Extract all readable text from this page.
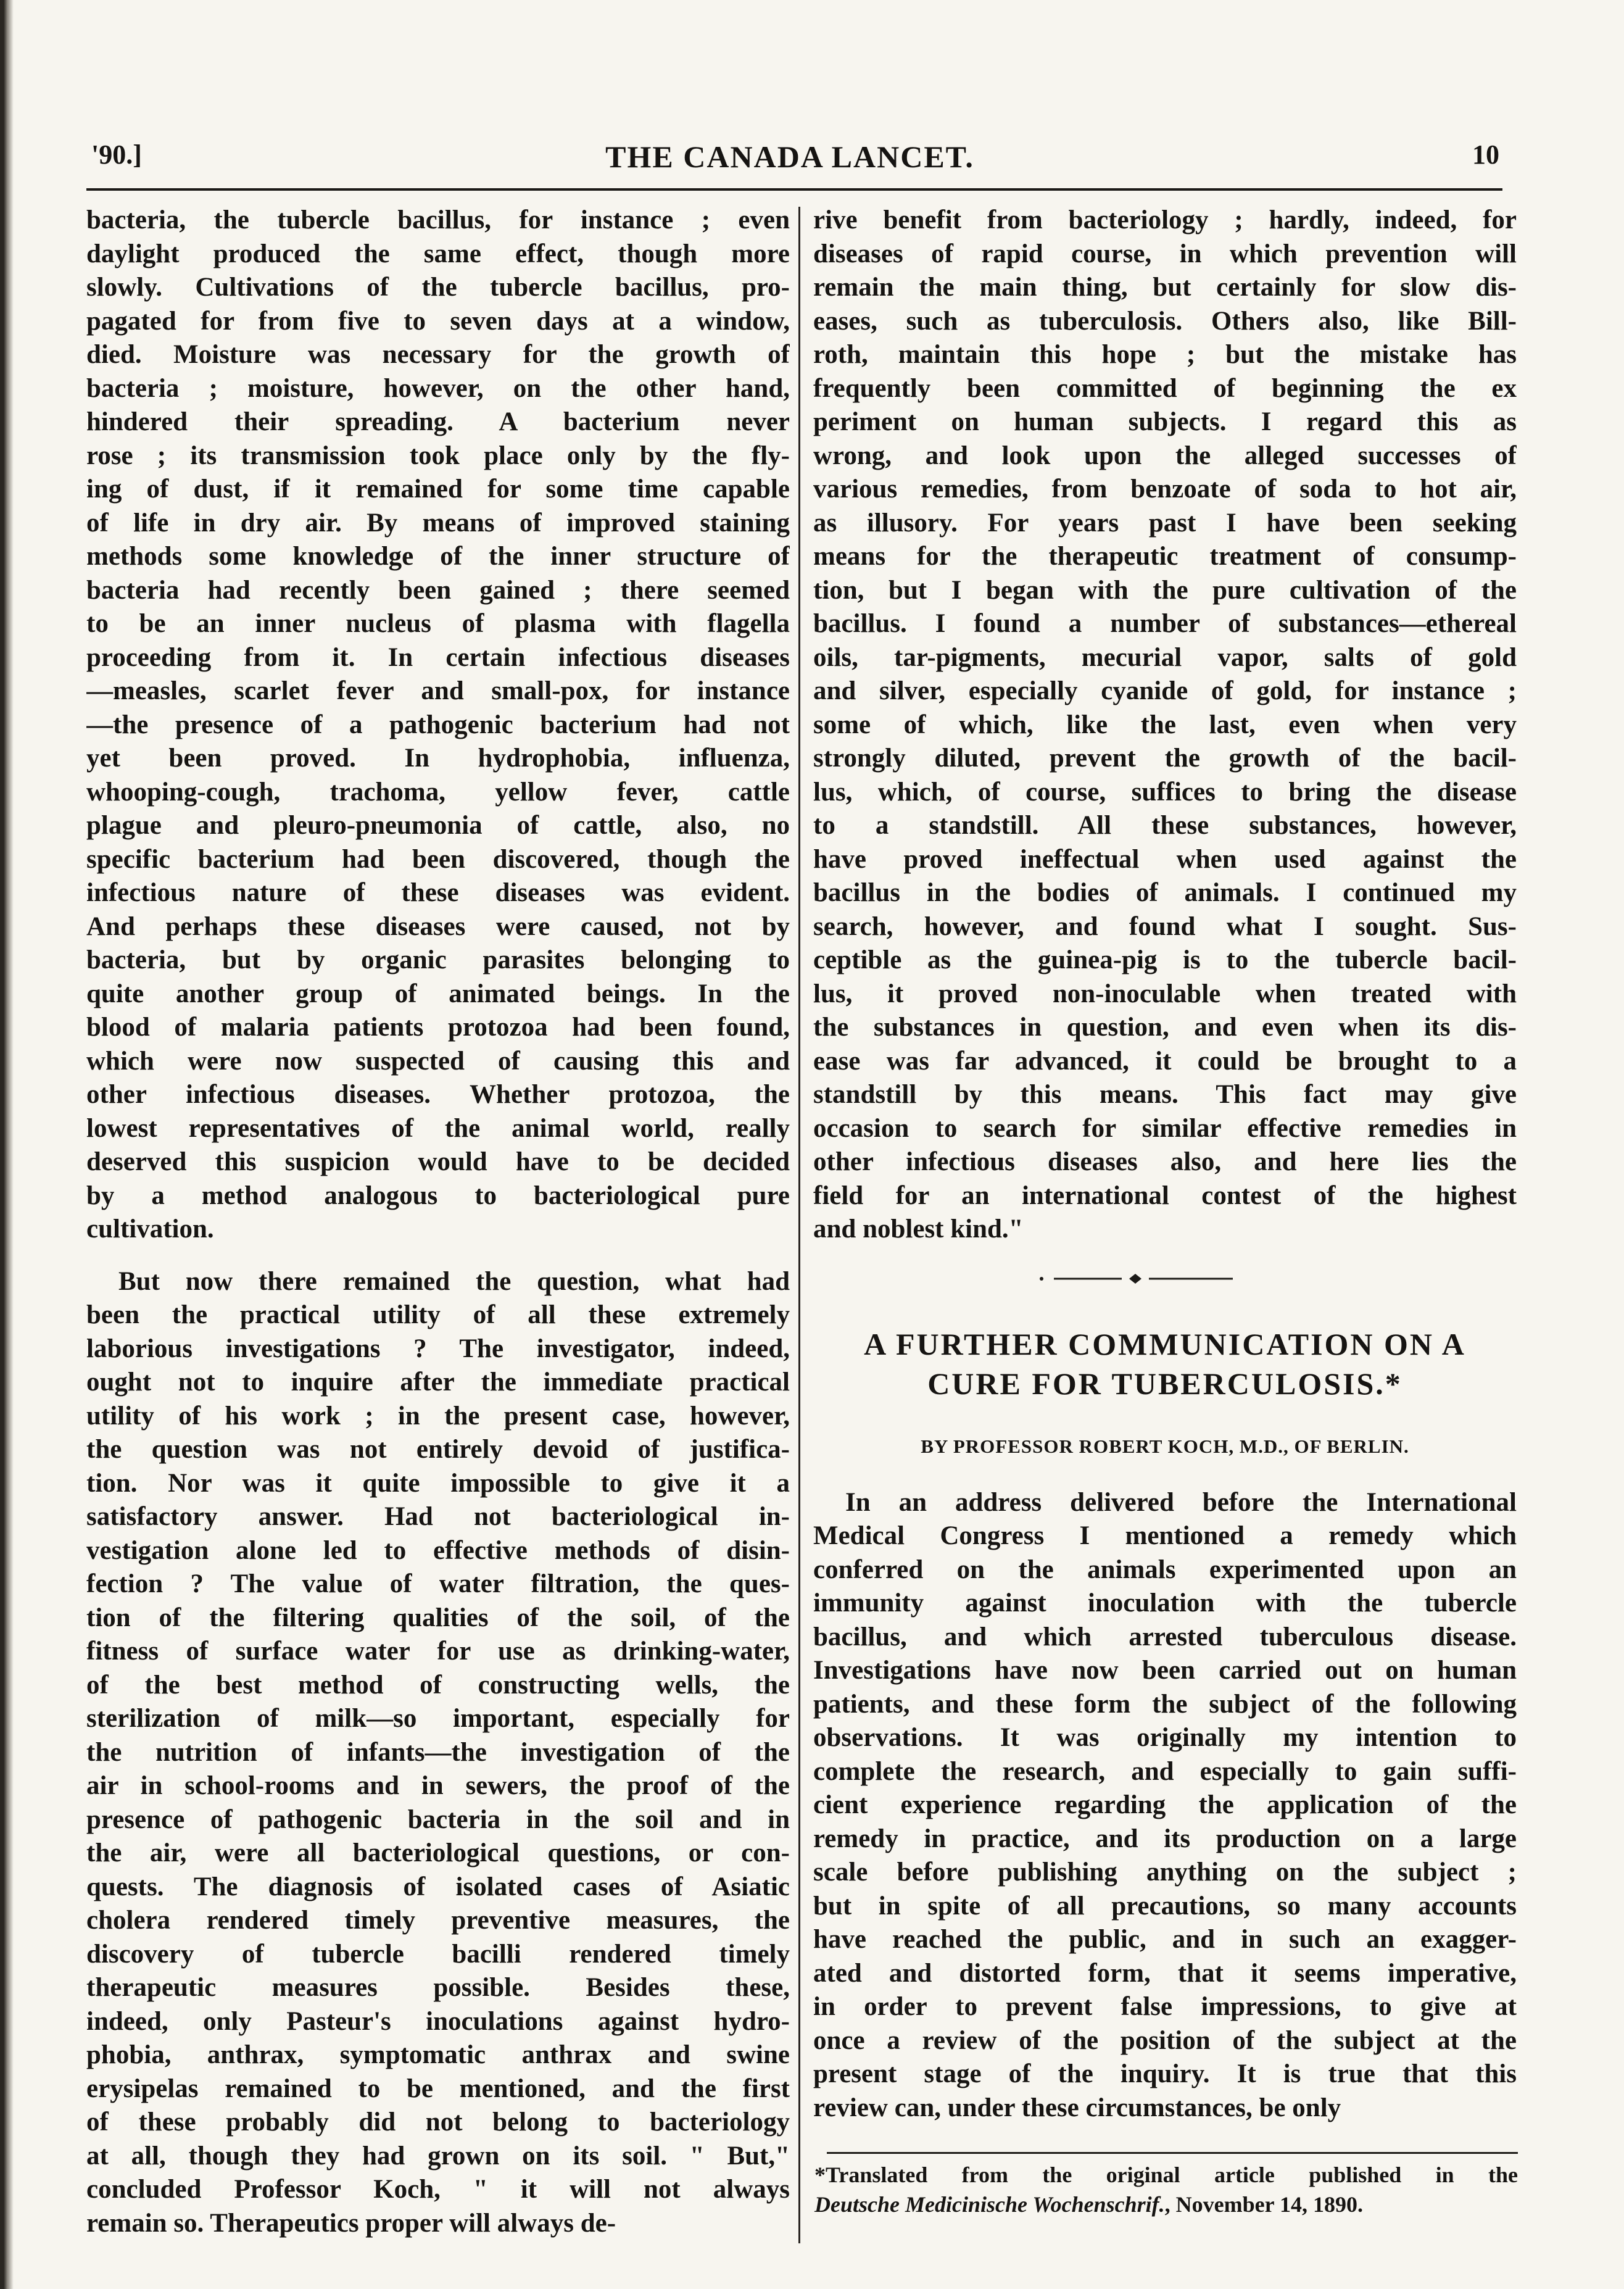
'90.]	THE CANADA LANCET.	10
bacteria, the tubercle bacillus, for instance ; even
daylight produced the same effect, though more
slowly. Cultivations of the tubercle bacillus, pro-
pagated for from five to seven days at a window,
died. Moisture was necessary for the growth of
bacteria ; moisture, however, on the other hand,
hindered their spreading. A bacterium never
rose ; its transmission took place only by the fly-
ing of dust, if it remained for some time capable
of life in dry air. By means of improved staining
methods some knowledge of the inner structure of
bacteria had recently been gained ; there seemed
to be an inner nucleus of plasma with flagella
proceeding from it. In certain infectious diseases
—measles, scarlet fever and small-pox, for instance
—the presence of a pathogenic bacterium had not
yet been proved. In hydrophobia, influenza,
whooping-cough, trachoma, yellow fever, cattle
plague and pleuro-pneumonia of cattle, also, no
specific bacterium had been discovered, though the
infectious nature of these diseases was evident.
And perhaps these diseases were caused, not by
bacteria, but by organic parasites belonging to
quite another group of animated beings. In the
blood of malaria patients protozoa had been found,
which were now suspected of causing this and
other infectious diseases. Whether protozoa, the
lowest representatives of the animal world, really
deserved this suspicion would have to be decided
by a method analogous to bacteriological pure
cultivation.
But now there remained the question, what had
been the practical utility of all these extremely
laborious investigations ? The investigator, indeed,
ought not to inquire after the immediate practical
utility of his work ; in the present case, however,
the question was not entirely devoid of justifica-
tion. Nor was it quite impossible to give it a
satisfactory answer. Had not bacteriological in-
vestigation alone led to effective methods of disin-
fection ? The value of water filtration, the ques-
tion of the filtering qualities of the soil, of the
fitness of surface water for use as drinking-water,
of the best method of constructing wells, the
sterilization of milk—so important, especially for
the nutrition of infants—the investigation of the
air in school-rooms and in sewers, the proof of the
presence of pathogenic bacteria in the soil and in
the air, were all bacteriological questions, or con-
quests. The diagnosis of isolated cases of Asiatic
cholera rendered timely preventive measures, the
discovery of tubercle bacilli rendered timely
therapeutic measures possible. Besides these,
indeed, only Pasteur's inoculations against hydro-
phobia, anthrax, symptomatic anthrax and swine
erysipelas remained to be mentioned, and the first
of these probably did not belong to bacteriology
at all, though they had grown on its soil. " But,"
concluded Professor Koch, " it will not always
remain so. Therapeutics proper will always de-
rive benefit from bacteriology ; hardly, indeed, for
diseases of rapid course, in which prevention will
remain the main thing, but certainly for slow dis-
eases, such as tuberculosis. Others also, like Bill-
roth, maintain this hope ; but the mistake has
frequently been committed of beginning the ex
periment on human subjects. I regard this as
wrong, and look upon the alleged successes of
various remedies, from benzoate of soda to hot air,
as illusory. For years past I have been seeking
means for the therapeutic treatment of consump-
tion, but I began with the pure cultivation of the
bacillus. I found a number of substances—ethereal
oils, tar-pigments, mecurial vapor, salts of gold
and silver, especially cyanide of gold, for instance ;
some of which, like the last, even when very
strongly diluted, prevent the growth of the bacil-
lus, which, of course, suffices to bring the disease
to a standstill. All these substances, however,
have proved ineffectual when used against the
bacillus in the bodies of animals. I continued my
search, however, and found what I sought. Sus-
ceptible as the guinea-pig is to the tubercle bacil-
lus, it proved non-inoculable when treated with
the substances in question, and even when its dis-
ease was far advanced, it could be brought to a
standstill by this means. This fact may give
occasion to search for similar effective remedies in
other infectious diseases also, and here lies the
field for an international contest of the highest
and noblest kind."
A FURTHER COMMUNICATION ON A
CURE FOR TUBERCULOSIS.*
BY PROFESSOR ROBERT KOCH, M.D., OF BERLIN.
In an address delivered before the International
Medical Congress I mentioned a remedy which
conferred on the animals experimented upon an
immunity against inoculation with the tubercle
bacillus, and which arrested tuberculous disease.
Investigations have now been carried out on human
patients, and these form the subject of the following
observations. It was originally my intention to
complete the research, and especially to gain suffi-
cient experience regarding the application of the
remedy in practice, and its production on a large
scale before publishing anything on the subject ;
but in spite of all precautions, so many accounts
have reached the public, and in such an exagger-
ated and distorted form, that it seems imperative,
in order to prevent false impressions, to give at
once a review of the position of the subject at the
present stage of the inquiry. It is true that this
review can, under these circumstances, be only
*Translated from the original article published in the
Deutsche Medicinische Wochenschrif., November 14, 1890.
